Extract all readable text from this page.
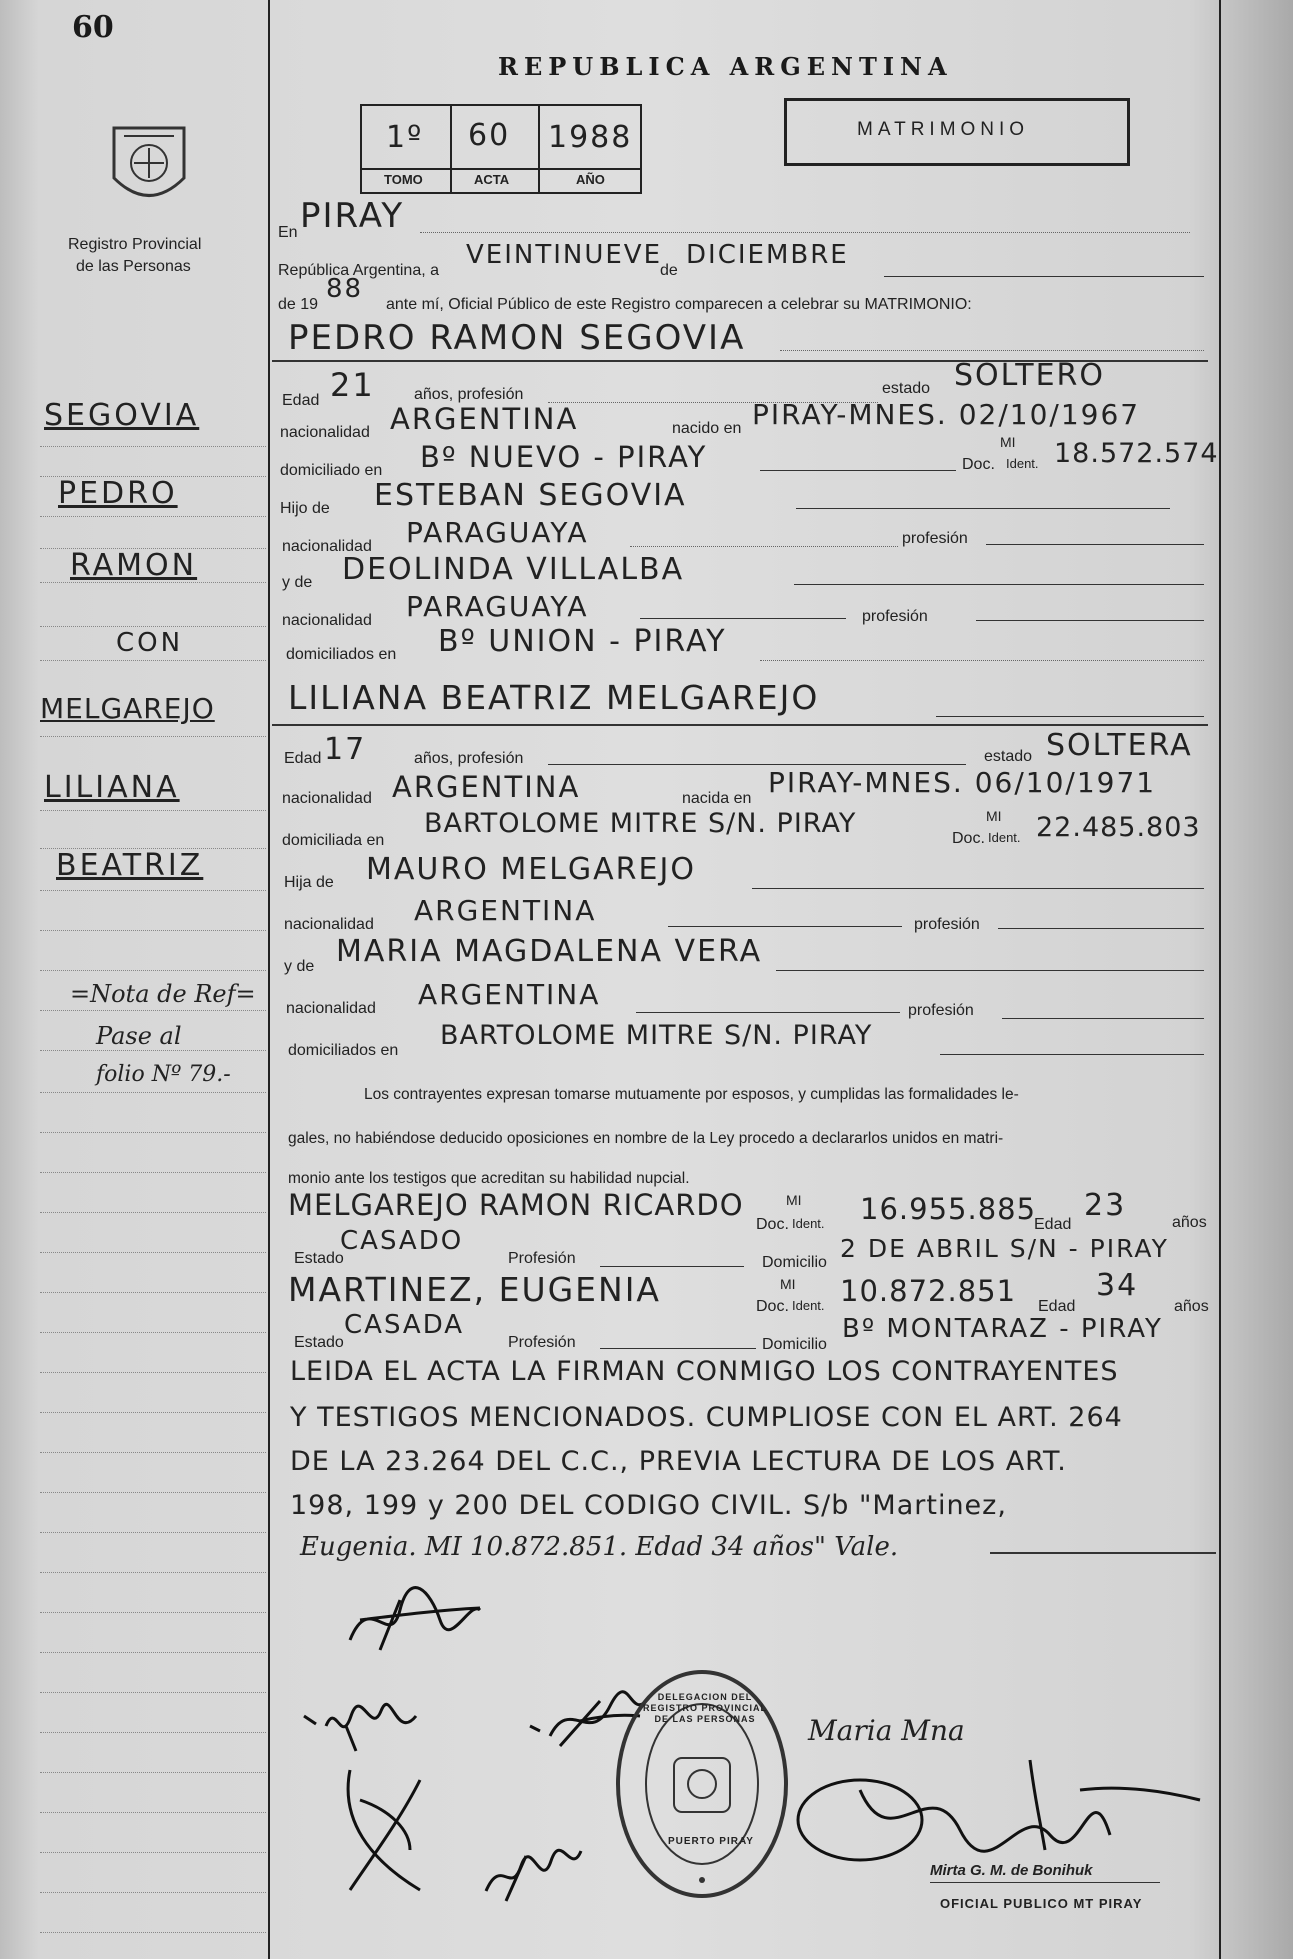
60
Registro Provincial
de las Personas
REPUBLICA ARGENTINA
1º 60 1988
TOMO	ACTA	AÑO
MATRIMONIO
SEGOVIA
PEDRO
RAMON
CON
MELGAREJO
LILIANA
BEATRIZ
=Nota de Ref=
Pase al
folio Nº 79.-
En PIRAY
República Argentina, a
VEINTINUEVE
de
DICIEMBRE
de 19
88
ante mí, Oficial Público de este Registro comparecen a celebrar su MATRIMONIO:
PEDRO RAMON SEGOVIA
Edad 21 años, profesión	estado SOLTERO
nacionalidad ARGENTINA	nacido en PIRAY-MNES. 02/10/1967
domiciliado en Bº NUEVO - PIRAY	Doc.
MI
Ident. 18.572.574
Hijo de ESTEBAN SEGOVIA
nacionalidad PARAGUAYA	profesión
y de DEOLINDA VILLALBA
nacionalidad PARAGUAYA	profesión
domiciliados en Bº UNION - PIRAY
LILIANA BEATRIZ MELGAREJO
Edad 17	años, profesión	estado SOLTERA
nacionalidad ARGENTINA	nacida en PIRAY-MNES. 06/10/1971
domiciliada en
BARTOLOME MITRE S/N. PIRAY	Doc.
MI
Ident. 22.485.803
Hija de MAURO MELGAREJO
nacionalidad ARGENTINA	profesión
y de MARIA MAGDALENA VERA
nacionalidad ARGENTINA	profesión
domiciliados en BARTOLOME MITRE S/N. PIRAY
Los contrayentes expresan tomarse mutuamente por esposos, y cumplidas las formalidades le-
gales, no habiéndose deducido oposiciones en nombre de la Ley procedo a declararlos unidos en matri-
monio ante los testigos que acreditan su habilidad nupcial.
MELGAREJO RAMON RICARDO
Doc.
MI
Ident. 16.955.885
Edad
23	años
Estado
CASADO
Profesión	Domicilio 2 DE ABRIL S/N - PIRAY
MARTINEZ, EUGENIA	Doc.
MI
Ident. 10.872.851 Edad
34
años
Estado
CASADA
Profesión	Domicilio
Bº MONTARAZ - PIRAY
LEIDA EL ACTA LA FIRMAN CONMIGO LOS CONTRAYENTES
Y TESTIGOS MENCIONADOS. CUMPLIOSE CON EL ART. 264
DE LA 23.264 DEL C.C., PREVIA LECTURA DE LOS ART.
198, 199 y 200 DEL CODIGO CIVIL. S/b "Martinez,
Eugenia. MI 10.872.851. Edad 34 años" Vale.
Maria Mna
DELEGACION DEL REGISTRO PROVINCIAL DE LAS PERSONAS
PUERTO PIRAY
Mirta G. M. de Bonihuk
OFICIAL PUBLICO MT PIRAY
